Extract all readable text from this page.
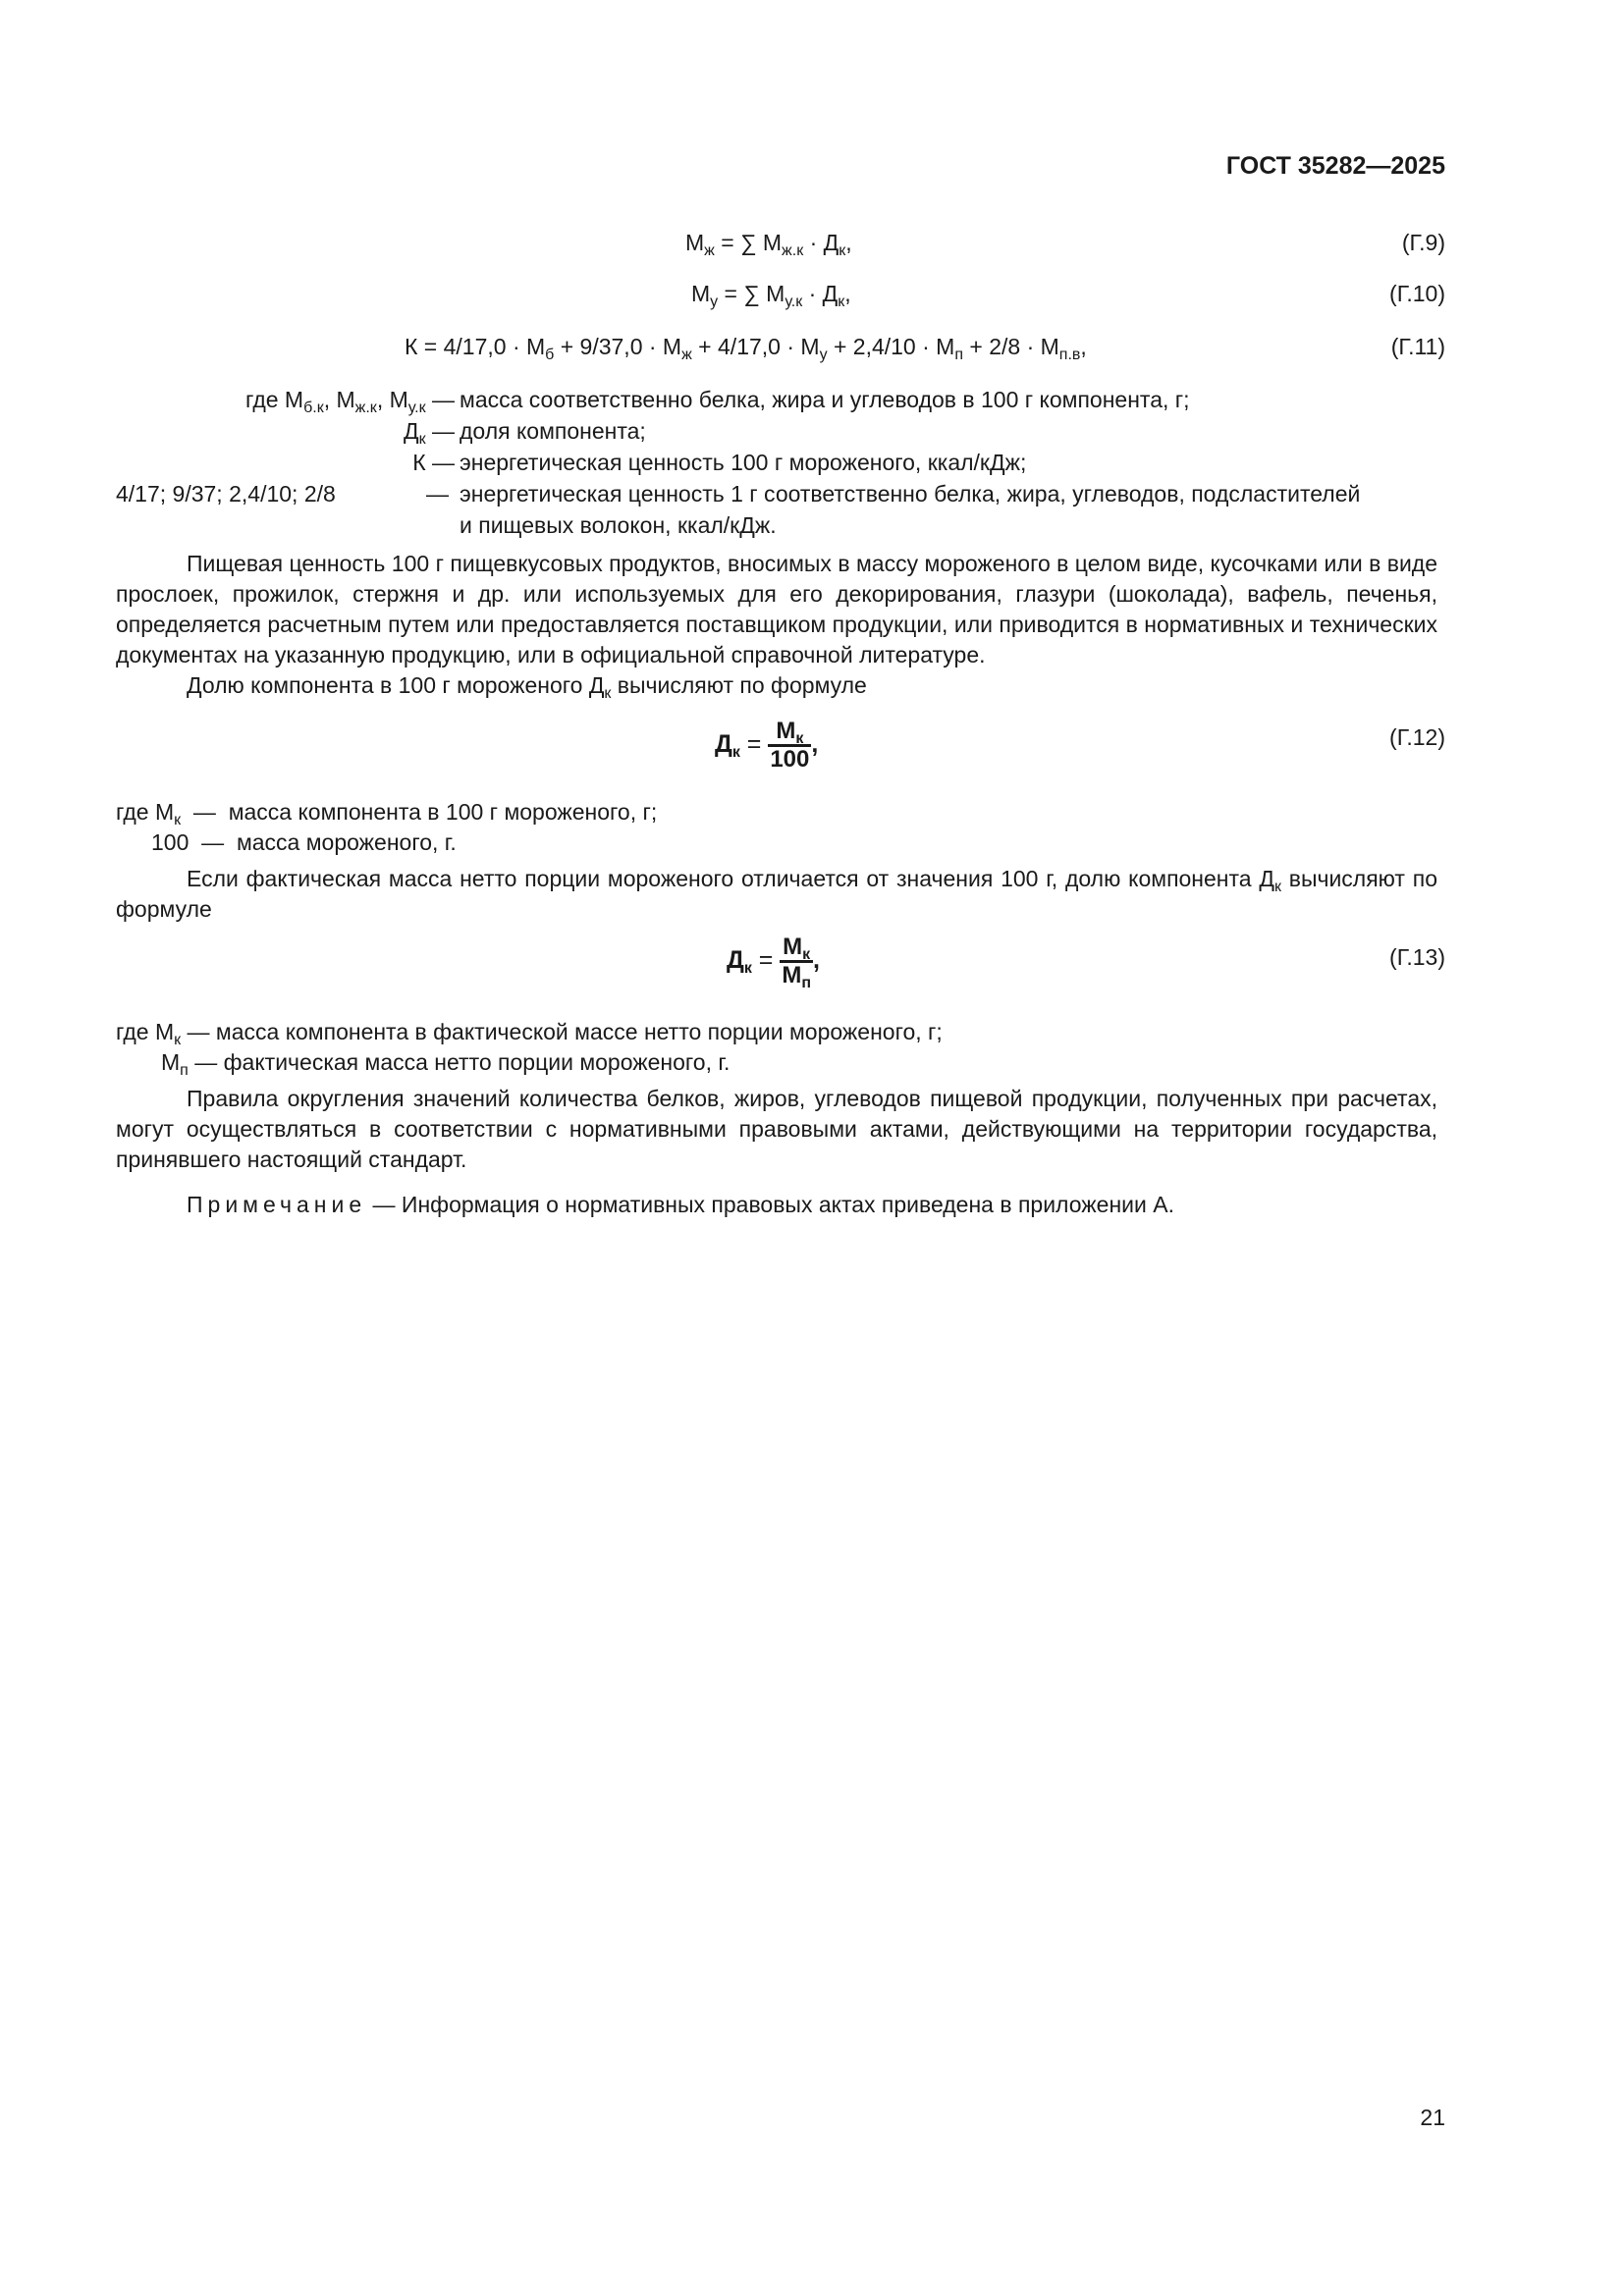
ГОСТ 35282—2025
$М_ж$ = ∑ $М_{ж.к} \cdot Д_к$,	(Г.9)
$М_у$ = ∑ $М_{у.к} \cdot Д_к$,	(Г.10)
$К = 4/17,0 \cdot М_б + 9/37,0 \cdot М_ж + 4/17,0 \cdot М_у + 2,4/10 \cdot М_п + 2/8 \cdot М_{п.в}$,	(Г.11)
где $М_{б.к}$, $М_{ж.к}$, $М_{у.к}$ — масса соответственно белка, жира и углеводов в 100 г компонента, г;
$Д_к$ — доля компонента;
К — энергетическая ценность 100 г мороженого, ккал/кДж;
4/17; 9/37; 2,4/10; 2/8	— энергетическая ценность 1 г соответственно белка, жира, углеводов, подсластителей
и пищевых волокон, ккал/кДж.
Пищевая ценность 100 г пищевкусовых продуктов, вносимых в массу мороженого в целом виде, кусочками или в виде прослоек, прожилок, стержня и др. или используемых для его декорирования, глазури (шоколада), вафель, печенья, определяется расчетным путем или предоставляется поставщиком продукции, или приводится в нормативных и технических документах на указанную продукцию, или в официальной справочной литературе.
Долю компонента в 100 г мороженого $Д_к$ вычисляют по формуле
$Д_к = \frac{М_к}{100}$ ,	(Г.12)
где $М_к$  —  масса компонента в 100 г мороженого, г;
100  —  масса мороженого, г.
Если фактическая масса нетто порции мороженого отличается от значения 100 г, долю компонента $Д_к$ вычисляют по формуле
$Д_к = \frac{М_к}{М_п}$ ,	(Г.13)
где $М_к$ — масса компонента в фактической массе нетто порции мороженого, г;
$М_п$ — фактическая масса нетто порции мороженого, г.
Правила округления значений количества белков, жиров, углеводов пищевой продукции, полученных при расчетах, могут осуществляться в соответствии с нормативными правовыми актами, действующими на территории государства, принявшего настоящий стандарт.
Примечание — Информация о нормативных правовых актах приведена в приложении А.
21
